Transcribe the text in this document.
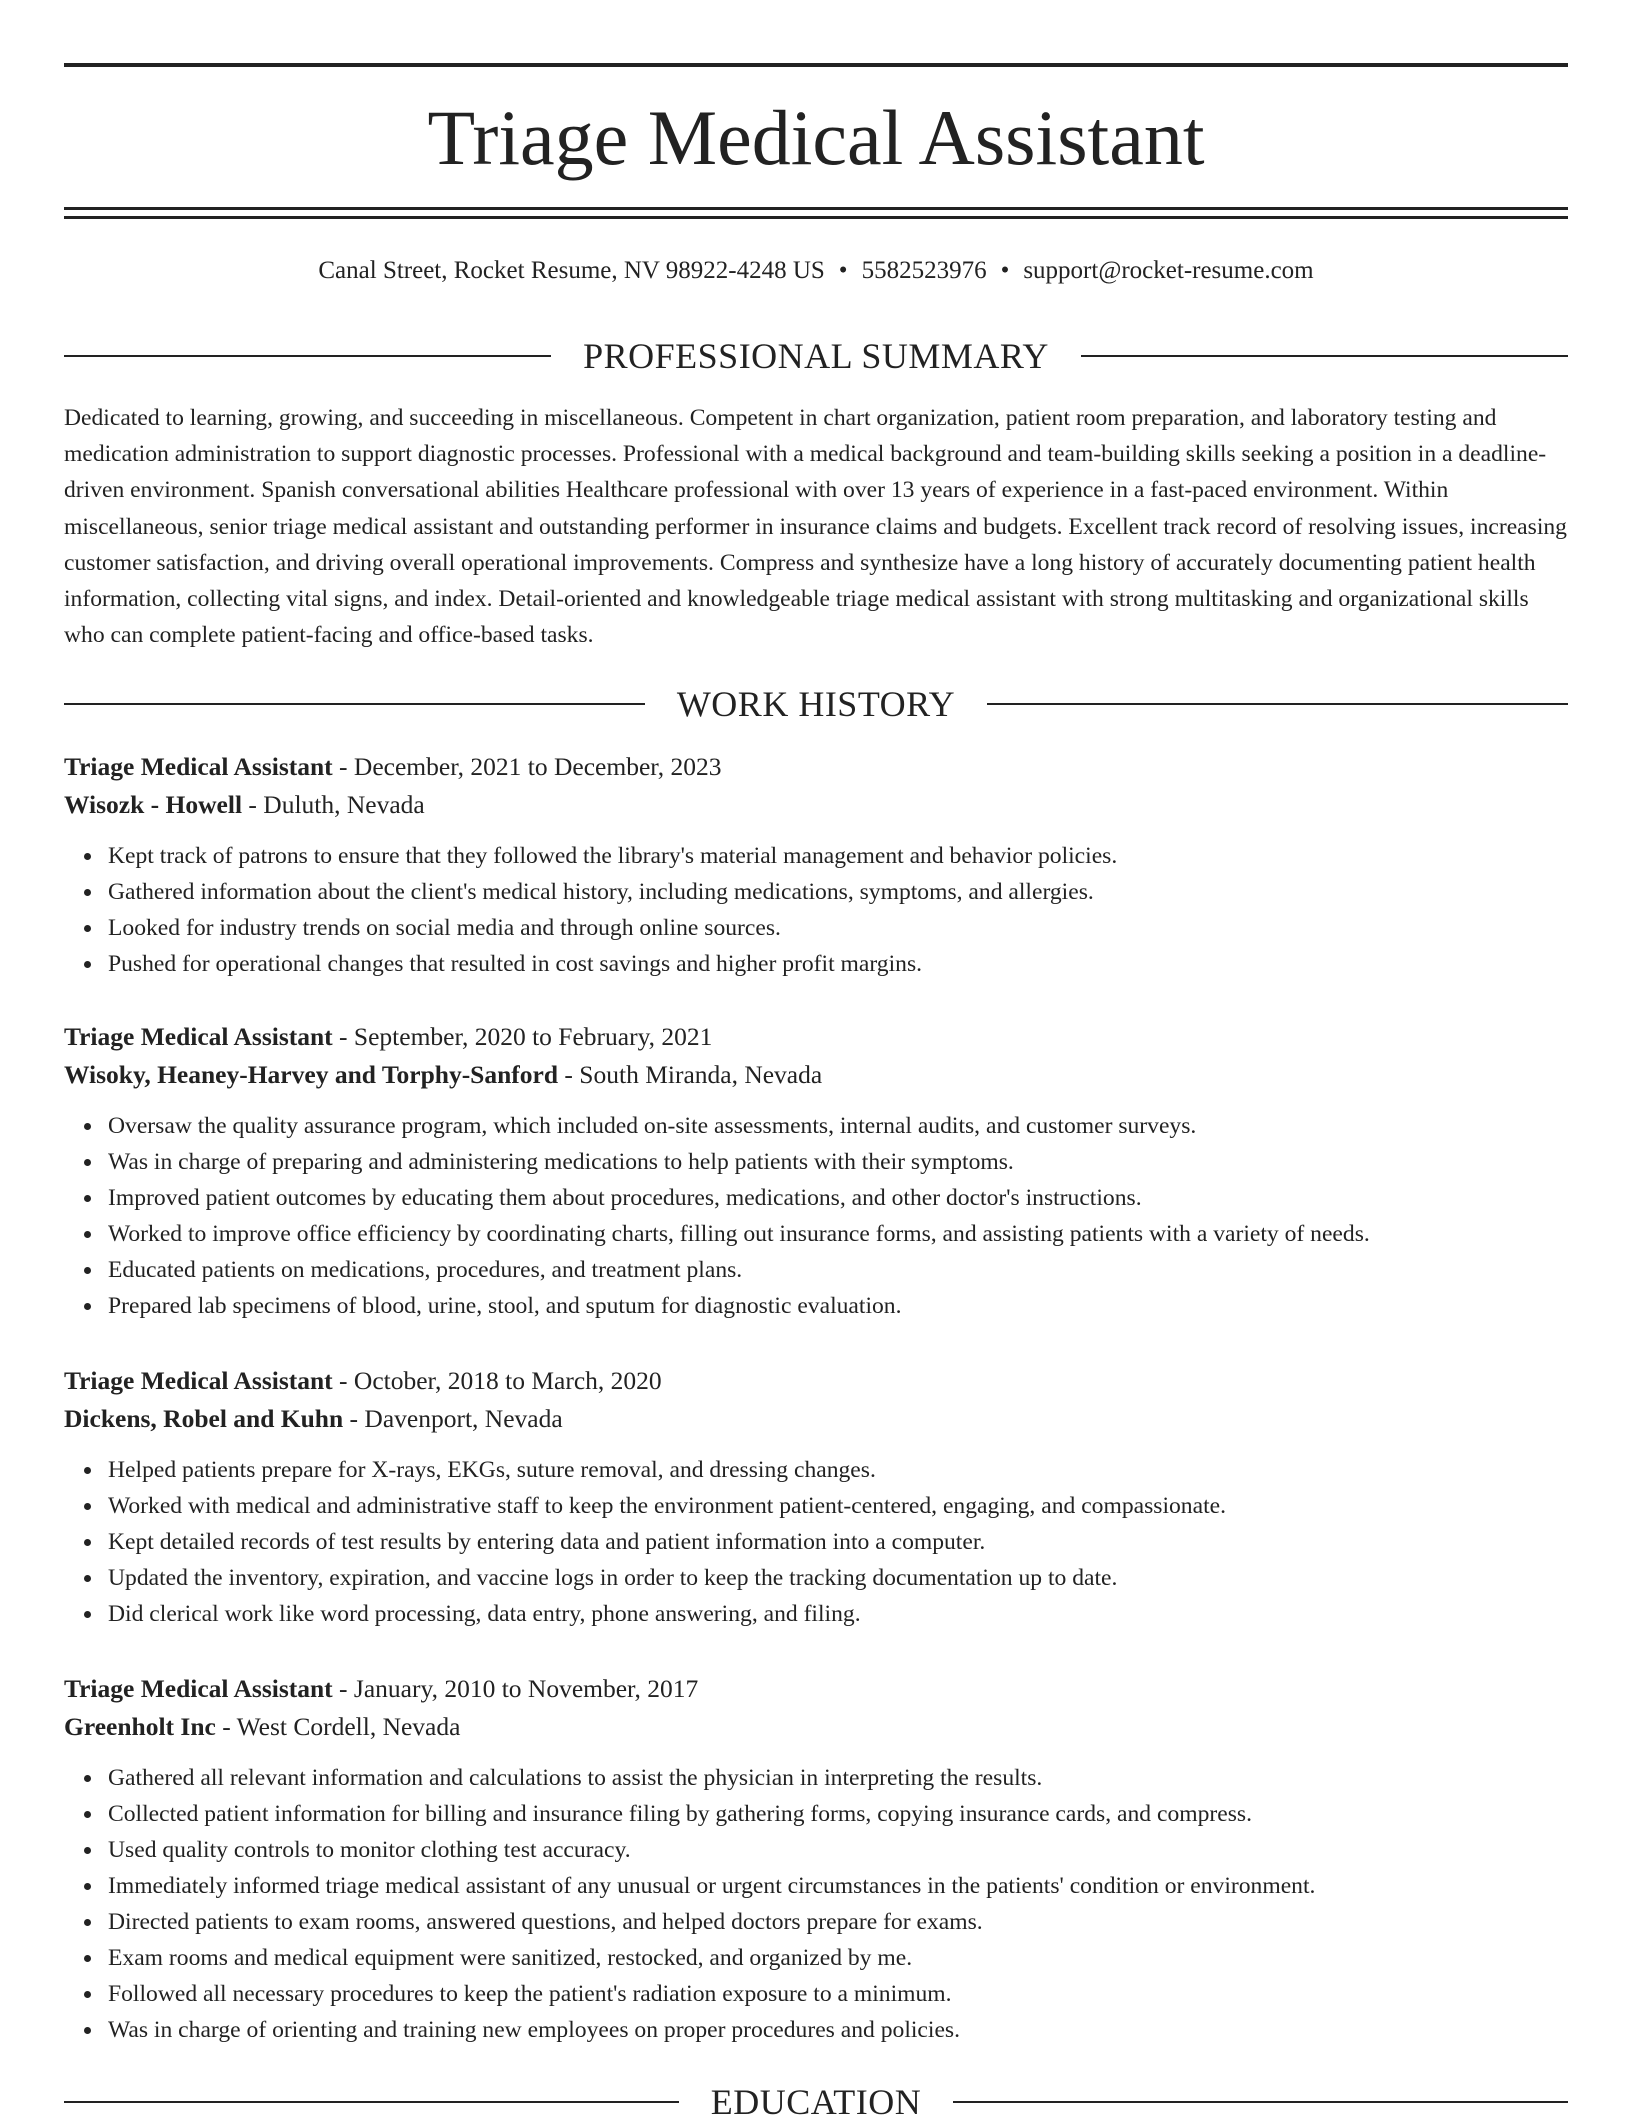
Triage Medical Assistant
Canal Street, Rocket Resume, NV 98922-4248 US • 5582523976 • support@rocket-resume.com
PROFESSIONAL SUMMARY

Dedicated to learning, growing, and succeeding in miscellaneous. Competent in chart organization, patient room preparation, and laboratory testing and medication administration to support diagnostic processes. Professional with a medical background and team-building skills seeking a position in a deadline-driven environment. Spanish conversational abilities Healthcare professional with over 13 years of experience in a fast-paced environment. Within miscellaneous, senior triage medical assistant and outstanding performer in insurance claims and budgets. Excellent track record of resolving issues, increasing customer satisfaction, and driving overall operational improvements. Compress and synthesize have a long history of accurately documenting patient health information, collecting vital signs, and index. Detail-oriented and knowledgeable triage medical assistant with strong multitasking and organizational skills who can complete patient-facing and office-based tasks.

WORK HISTORY

Triage Medical Assistant - December, 2021 to December, 2023

Wisozk - Howell - Duluth, Nevada

Kept track of patrons to ensure that they followed the library's material management and behavior policies.
Gathered information about the client's medical history, including medications, symptoms, and allergies.
Looked for industry trends on social media and through online sources.
Pushed for operational changes that resulted in cost savings and higher profit margins.

Triage Medical Assistant - September, 2020 to February, 2021

Wisoky, Heaney-Harvey and Torphy-Sanford - South Miranda, Nevada

Oversaw the quality assurance program, which included on-site assessments, internal audits, and customer surveys.
Was in charge of preparing and administering medications to help patients with their symptoms.
Improved patient outcomes by educating them about procedures, medications, and other doctor's instructions.
Worked to improve office efficiency by coordinating charts, filling out insurance forms, and assisting patients with a variety of needs.
Educated patients on medications, procedures, and treatment plans.
Prepared lab specimens of blood, urine, stool, and sputum for diagnostic evaluation.

Triage Medical Assistant - October, 2018 to March, 2020

Dickens, Robel and Kuhn - Davenport, Nevada

Helped patients prepare for X-rays, EKGs, suture removal, and dressing changes.
Worked with medical and administrative staff to keep the environment patient-centered, engaging, and compassionate.
Kept detailed records of test results by entering data and patient information into a computer.
Updated the inventory, expiration, and vaccine logs in order to keep the tracking documentation up to date.
Did clerical work like word processing, data entry, phone answering, and filing.

Triage Medical Assistant - January, 2010 to November, 2017

Greenholt Inc - West Cordell, Nevada

Gathered all relevant information and calculations to assist the physician in interpreting the results.
Collected patient information for billing and insurance filing by gathering forms, copying insurance cards, and compress.
Used quality controls to monitor clothing test accuracy.
Immediately informed triage medical assistant of any unusual or urgent circumstances in the patients' condition or environment.
Directed patients to exam rooms, answered questions, and helped doctors prepare for exams.
Exam rooms and medical equipment were sanitized, restocked, and organized by me.
Followed all necessary procedures to keep the patient's radiation exposure to a minimum.
Was in charge of orienting and training new employees on proper procedures and policies.
EDUCATION
